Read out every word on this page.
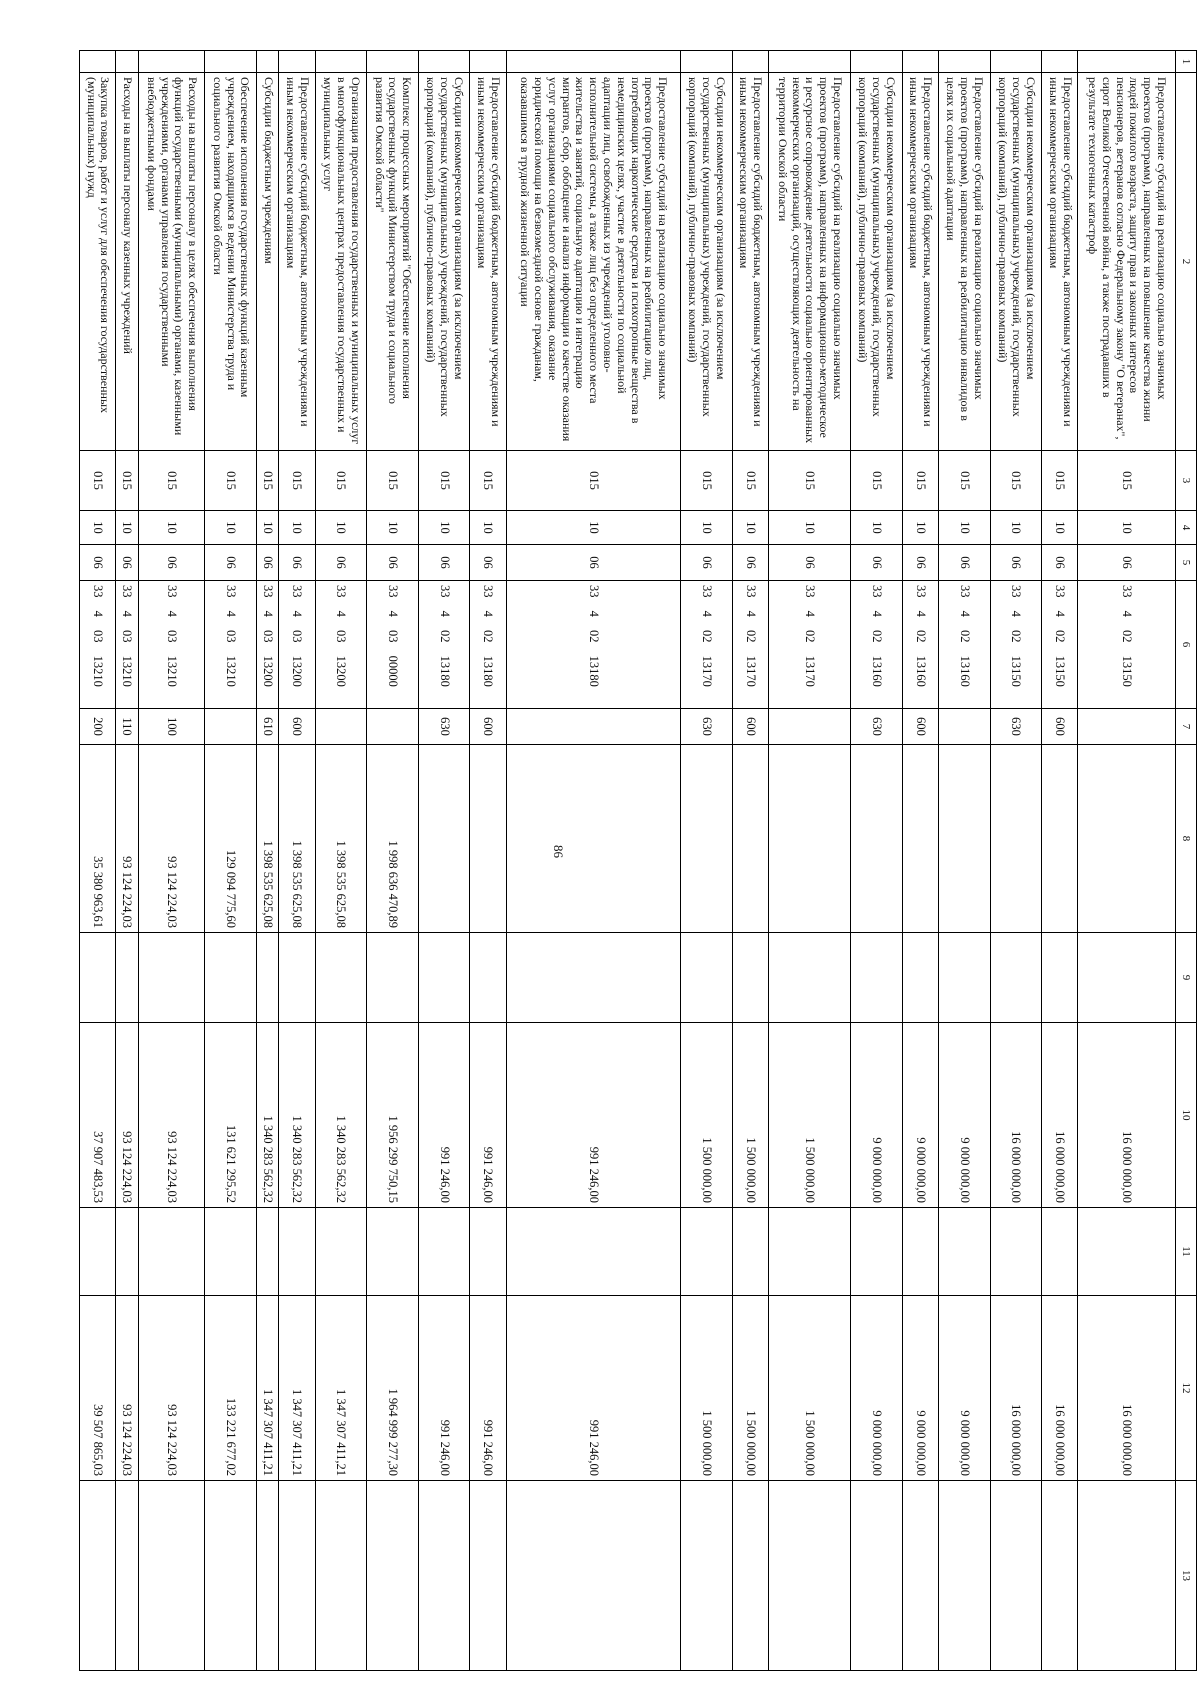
86
1	2	3	4	5	6	7	8	9	10	11	12	13
	Предоставление субсидий на реализацию социально значимых проектов (программ), направленных на повышение качества жизни людей пожилого возраста, защиту прав и законных интересов пенсионеров, ветеранов согласно Федеральному закону "О ветеранах", сирот Великой Отечественной войны, а также пострадавших в результате техногенных катастроф	015	10	06	33 4 02 13150				16 000 000,00		16 000 000,00	
	Предоставление субсидий бюджетным, автономным учреждениям и иным некоммерческим организациям	015	10	06	33 4 02 13150	600			16 000 000,00		16 000 000,00	
	Субсидии некоммерческим организациям (за исключением государственных (муниципальных) учреждений, государственных корпораций (компаний), публично-правовых компаний)	015	10	06	33 4 02 13150	630			16 000 000,00		16 000 000,00	
	Предоставление субсидий на реализацию социально значимых проектов (программ), направленных на реабилитацию инвалидов в целях их социальной адаптации	015	10	06	33 4 02 13160				9 000 000,00		9 000 000,00	
	Предоставление субсидий бюджетным, автономным учреждениям и иным некоммерческим организациям	015	10	06	33 4 02 13160	600			9 000 000,00		9 000 000,00	
	Субсидии некоммерческим организациям (за исключением государственных (муниципальных) учреждений, государственных корпораций (компаний), публично-правовых компаний)	015	10	06	33 4 02 13160	630			9 000 000,00		9 000 000,00	
	Предоставление субсидий на реализацию социально значимых проектов (программ), направленных на информационно-методическое и ресурсное сопровождение деятельности социально ориентированных некоммерческих организаций, осуществляющих деятельность на территории Омской области	015	10	06	33 4 02 13170				1 500 000,00		1 500 000,00	
	Предоставление субсидий бюджетным, автономным учреждениям и иным некоммерческим организациям	015	10	06	33 4 02 13170	600			1 500 000,00		1 500 000,00	
	Субсидии некоммерческим организациям (за исключением государственных (муниципальных) учреждений, государственных корпораций (компаний), публично-правовых компаний)	015	10	06	33 4 02 13170	630			1 500 000,00		1 500 000,00	
	Предоставление субсидий на реализацию социально значимых проектов (программ), направленных на реабилитацию лиц, потребляющих наркотические средства и психотропные вещества в немедицинских целях, участие в деятельности по социальной адаптации лиц, освобожденных из учреждений уголовно-исполнительной системы, а также лиц без определенного места жительства и занятий, социальную адаптацию и интеграцию мигрантов, сбор, обобщение и анализ информации о качестве оказания услуг организациями социального обслуживания, оказание юридической помощи на безвозмездной основе гражданам, оказавшимся в трудной жизненной ситуации	015	10	06	33 4 02 13180				991 246,00		991 246,00	
	Предоставление субсидий бюджетным, автономным учреждениям и иным некоммерческим организациям	015	10	06	33 4 02 13180	600			991 246,00		991 246,00	
	Субсидии некоммерческим организациям (за исключением государственных (муниципальных) учреждений, государственных корпораций (компаний), публично-правовых компаний)	015	10	06	33 4 02 13180	630			991 246,00		991 246,00	
	Комплекс процессных мероприятий "Обеспечение исполнения государственных функций Министерством труда и социального развития Омской области"	015	10	06	33 4 03 00000		1 998 636 470,89		1 956 299 750,15		1 964 999 277,30	
	Организация предоставления государственных и муниципальных услуг в многофункциональных центрах предоставления государственных и муниципальных услуг	015	10	06	33 4 03 13200		1 398 535 625,08		1 340 283 562,32		1 347 307 411,21	
	Предоставление субсидий бюджетным, автономным учреждениям и иным некоммерческим организациям	015	10	06	33 4 03 13200	600	1 398 535 625,08		1 340 283 562,32		1 347 307 411,21	
	Субсидии бюджетным учреждениям	015	10	06	33 4 03 13200	610	1 398 535 625,08		1 340 283 562,32		1 347 307 411,21	
	Обеспечение исполнения государственных функций казенным учреждением, находящимся в ведении Министерства труда и социального развития Омской области	015	10	06	33 4 03 13210		129 094 775,60		131 621 295,52		133 221 677,02	
	Расходы на выплаты персоналу в целях обеспечения выполнения функций государственными (муниципальными) органами, казенными учреждениями, органами управления государственными внебюджетными фондами	015	10	06	33 4 03 13210	100	93 124 224,03		93 124 224,03		93 124 224,03	
	Расходы на выплаты персоналу казенных учреждений	015	10	06	33 4 03 13210	110	93 124 224,03		93 124 224,03		93 124 224,03	
	Закупка товаров, работ и услуг для обеспечения государственных (муниципальных) нужд	015	10	06	33 4 03 13210	200	35 380 963,61		37 907 483,53		39 507 865,03	
